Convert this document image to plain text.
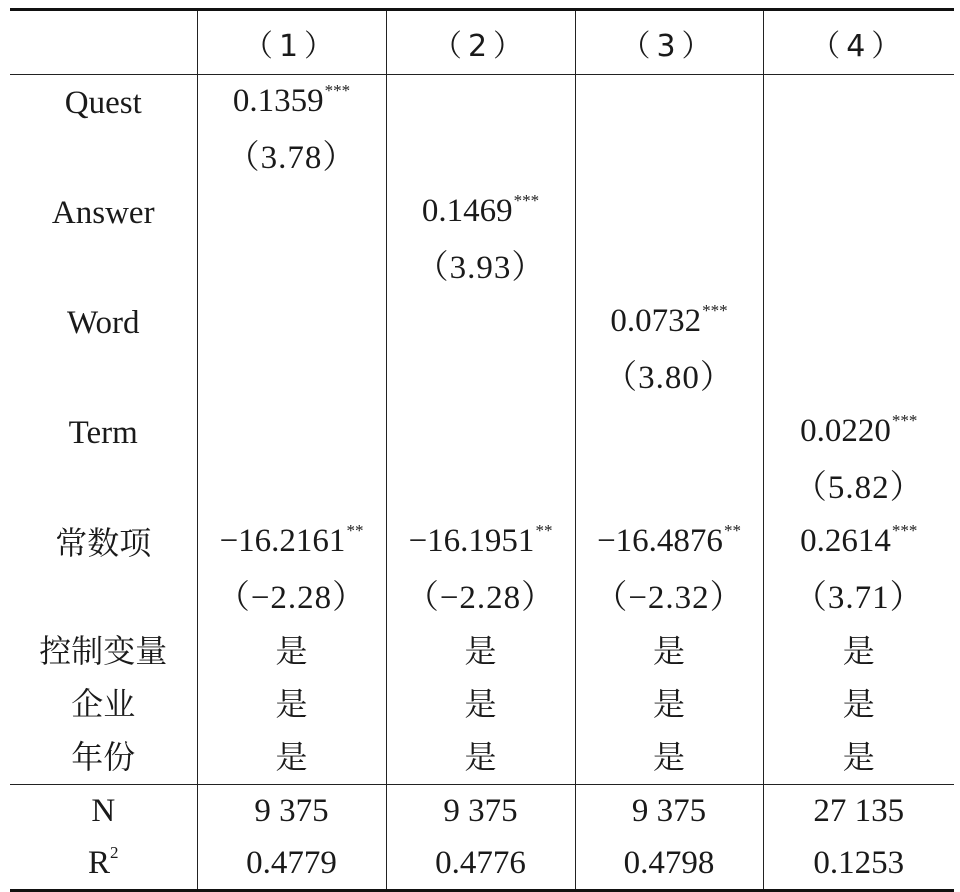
	（1）	（2）	（3）	（4）
Quest	0.1359***			
	（3.78）			
Answer		0.1469***		
		（3.93）		
Word			0.0732***	
			（3.80）	
Term				0.0220***
				（5.82）
常数项	−16.2161**	−16.1951**	−16.4876**	0.2614***
	（−2.28）	（−2.28）	（−2.32）	（3.71）
控制变量	是	是	是	是
企业	是	是	是	是
年份	是	是	是	是
N	9 375	9 375	9 375	27 135
$R^2$	0.4779	0.4776	0.4798	0.1253
